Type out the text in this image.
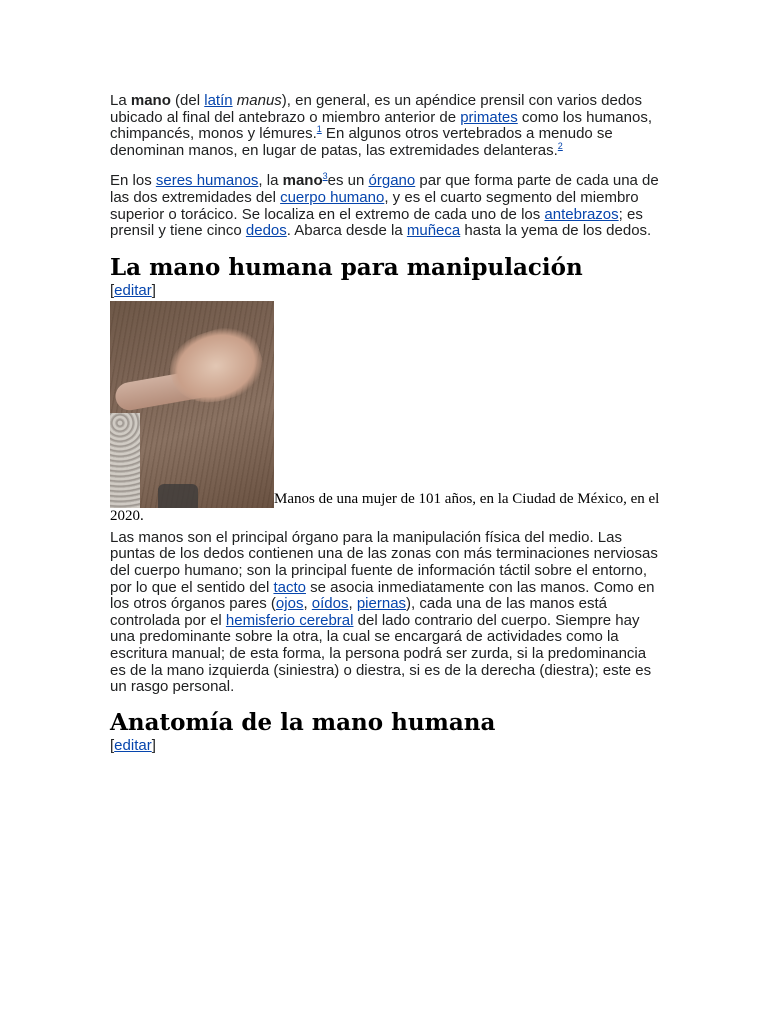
La mano (del latín manus), en general, es un apéndice prensil con varios dedos ubicado al final del antebrazo o miembro anterior de primates como los humanos, chimpancés, monos y lémures.$^1$ En algunos otros vertebrados a menudo se denominan manos, en lugar de patas, las extremidades delanteras.$^2$

En los seres humanos, la mano$^3$es un órgano par que forma parte de cada una de las dos extremidades del cuerpo humano, y es el cuarto segmento del miembro superior o torácico. Se localiza en el extremo de cada uno de los antebrazos; es prensil y tiene cinco dedos. Abarca desde la muñeca hasta la yema de los dedos.

La mano humana para manipulación
[editar]
Manos de una mujer de 101 años, en la Ciudad de México, en el 2020.

Las manos son el principal órgano para la manipulación física del medio. Las puntas de los dedos contienen una de las zonas con más terminaciones nerviosas del cuerpo humano; son la principal fuente de información táctil sobre el entorno, por lo que el sentido del tacto se asocia inmediatamente con las manos. Como en los otros órganos pares (ojos, oídos, piernas), cada una de las manos está controlada por el hemisferio cerebral del lado contrario del cuerpo. Siempre hay una predominante sobre la otra, la cual se encargará de actividades como la escritura manual; de esta forma, la persona podrá ser zurda, si la predominancia es de la mano izquierda (siniestra) o diestra, si es de la derecha (diestra); este es un rasgo personal.

Anatomía de la mano humana
[editar]
